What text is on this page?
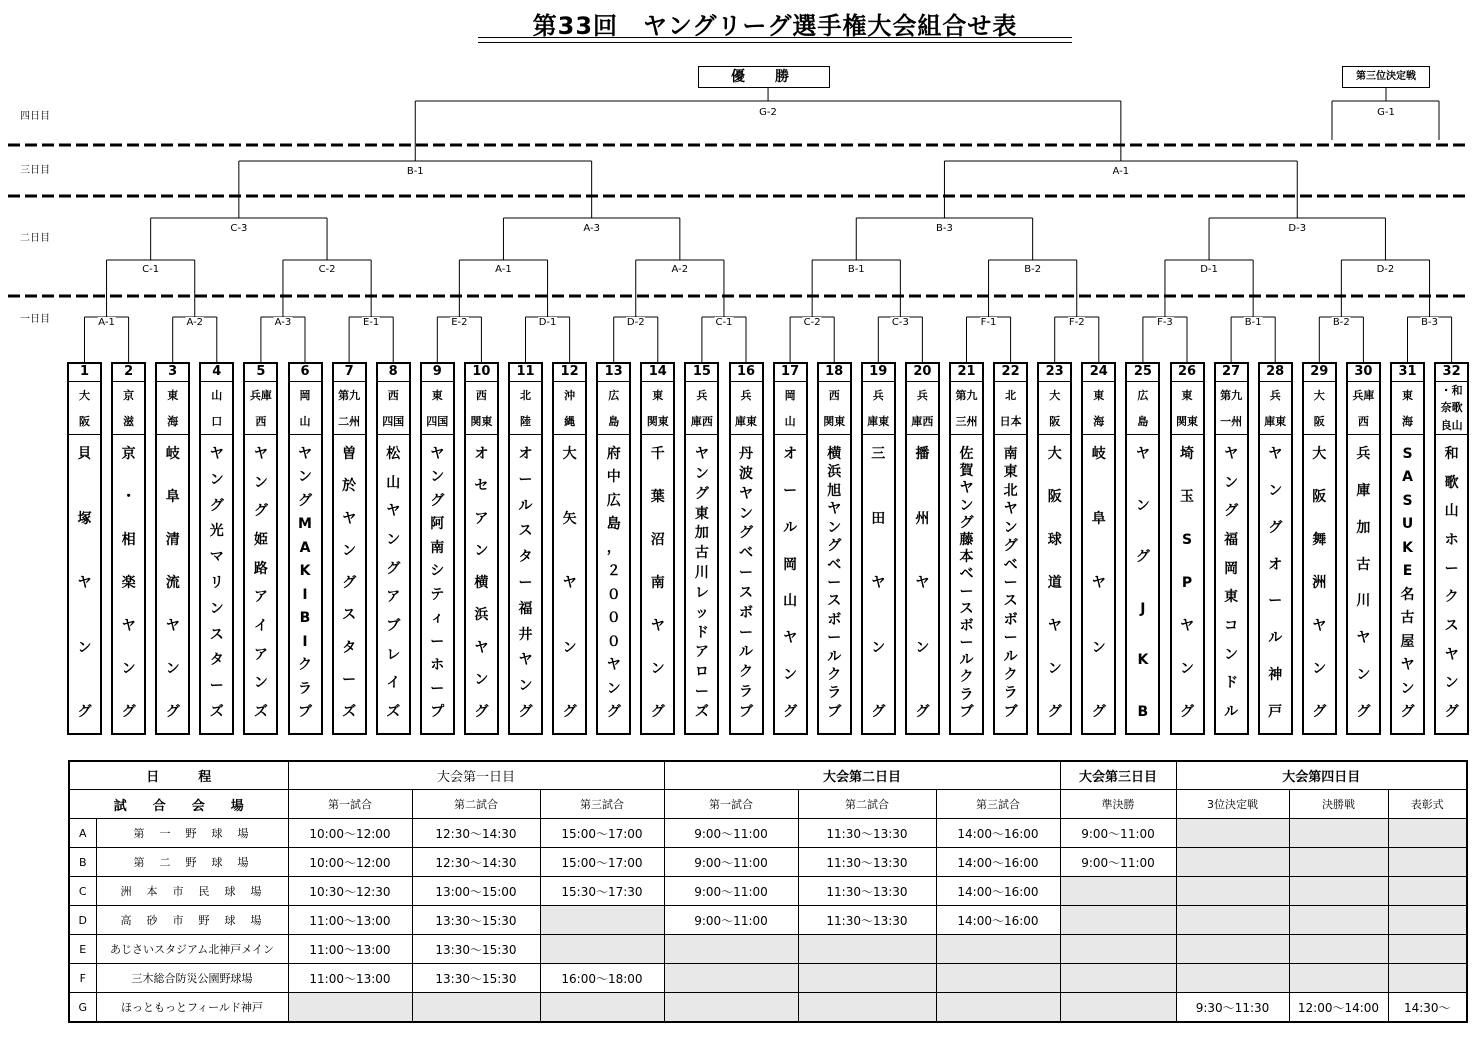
第33回　ヤングリーグ選手権大会組合せ表
四日目
三日目
二日目
一日目
優　勝	第三位決定戦
G-2	G-1
B-1	A-1
C-3	A-3	B-3	D-3
C-1	C-2	A-1	A-2	B-1	B-2	D-1	D-2
A-1	A-2	A-3	E-1	E-2	D-1	D-2	C-1	C-2	C-3	F-1	F-2	F-3	B-1	B-2	B-3
1
大
阪
貝
塚
ヤ
ン
グ
2
京
滋
京
・
相
楽
ヤ
ン
グ
3
東
海
岐
阜
清
流
ヤ
ン
グ
4
山
口
ヤ
ン
グ
光
マ
リ
ン
ス
タ
ー
ズ
5
兵庫
西
ヤ
ン
グ
姫
路
ア
イ
ア
ン
ズ
6
岡
山
ヤ
ン
グ
M
A
K
I
B
I
ク
ラ
ブ
7
第九
二州
曽
於
ヤ
ン
グ
ス
タ
ー
ズ
8
西
四国
松
山
ヤ
ン
グ
ア
ブ
レ
イ
ズ
9
東
四国
ヤ
ン
グ
阿
南
シ
テ
ィ
ー
ホ
ー
プ
10
西
関東
オ
セ
ア
ン
横
浜
ヤ
ン
グ
11
北
陸
オ
ー
ル
ス
タ
ー
福
井
ヤ
ン
グ
12
沖
縄
大
矢
ヤ
ン
グ
13
広
島
府
中
広
島
，
２
０
０
０
ヤ
ン
グ
14
東
関東
千
葉
沼
南
ヤ
ン
グ
15
兵
庫西
ヤ
ン
グ
東
加
古
川
レ
ッ
ド
ア
ロ
ー
ズ
16
兵
庫東
丹
波
ヤ
ン
グ
ベ
ー
ス
ボ
ー
ル
ク
ラ
ブ
17
岡
山
オ
ー
ル
岡
山
ヤ
ン
グ
18
西
関東
横
浜
旭
ヤ
ン
グ
ベ
ー
ス
ボ
ー
ル
ク
ラ
ブ
19
兵
庫東
三
田
ヤ
ン
グ
20
兵
庫西
播
州
ヤ
ン
グ
21
第九
三州
佐
賀
ヤ
ン
グ
藤
本
ベ
ー
ス
ボ
ー
ル
ク
ラ
ブ
22
北
日本
南
東
北
ヤ
ン
グ
ベ
ー
ス
ボ
ー
ル
ク
ラ
ブ
23
大
阪
大
阪
球
道
ヤ
ン
グ
24
東
海
岐
阜
ヤ
ン
グ
25
広
島
ヤ
ン
グ
J
K
B
26
東
関東
埼
玉
S
P
ヤ
ン
グ
27
第九
一州
ヤ
ン
グ
福
岡
東
コ
ン
ド
ル
28
兵
庫東
ヤ
ン
グ
オ
ー
ル
神
戸
29
大
阪
大
阪
舞
洲
ヤ
ン
グ
30
兵庫
西
兵
庫
加
古
川
ヤ
ン
グ
31
東
海
S
A
S
U
K
E
名
古
屋
ヤ
ン
グ
32
・和
奈歌
良山
和
歌
山
ホ
ー
ク
ス
ヤ
ン
グ
日　　　程		大会第一日目			大会第二日目			大会第三日目	大会第四日目		
試　　合　　会　　場		第一試合	第二試合	第三試合	第一試合	第二試合	第三試合	準決勝	3位決定戦	決勝戦	表彰式
A	第　一　野　球　場	10:00～12:00	12:30～14:30	15:00～17:00	9:00～11:00	11:30～13:30	14:00～16:00	9:00～11:00			
B	第　二　野　球　場	10:00～12:00	12:30～14:30	15:00～17:00	9:00～11:00	11:30～13:30	14:00～16:00	9:00～11:00			
C	洲　本　市　民　球　場	10:30～12:30	13:00～15:00	15:30～17:30	9:00～11:00	11:30～13:30	14:00～16:00				
D	高　砂　市　野　球　場	11:00～13:00	13:30～15:30		9:00～11:00	11:30～13:30	14:00～16:00				
E	あじさいスタジアム北神戸メイン	11:00～13:00	13:30～15:30								
F	三木総合防災公園野球場	11:00～13:00	13:30～15:30	16:00～18:00							
G	ほっともっとフィールド神戸								9:30～11:30	12:00～14:00	14:30～
